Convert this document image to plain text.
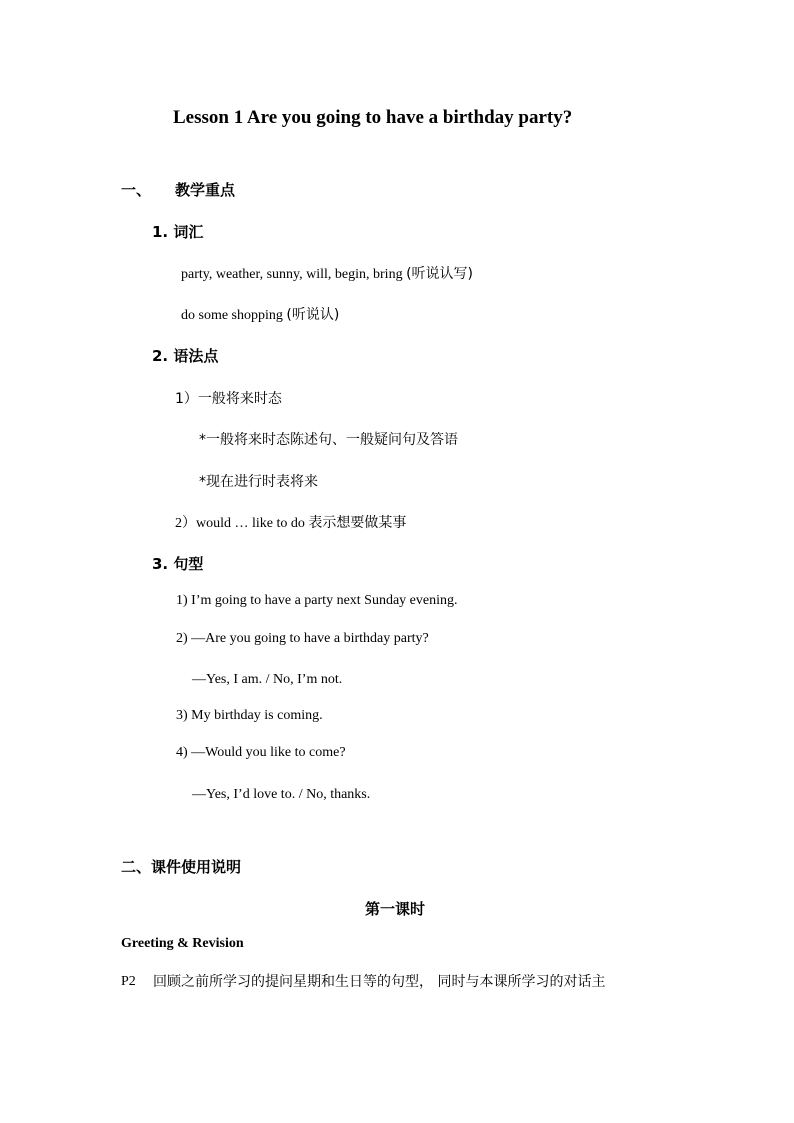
Lesson 1 Are you going to have a birthday party?
一、 教学重点
1. 词汇
party, weather, sunny, will, begin, bring (听说认写)
do some shopping (听说认)
2. 语法点
1）一般将来时态
*一般将来时态陈述句、一般疑问句及答语
*现在进行时表将来
2）would … like to do 表示想要做某事
3. 句型
1) I’m going to have a party next Sunday evening.
2) —Are you going to have a birthday party?
—Yes, I am. / No, I’m not.
3) My birthday is coming.
4) —Would you like to come?
—Yes, I’d love to. / No, thanks.
二、课件使用说明
第一课时
Greeting & Revision
P2 回顾之前所学习的提问星期和生日等的句型， 同时与本课所学习的对话主
